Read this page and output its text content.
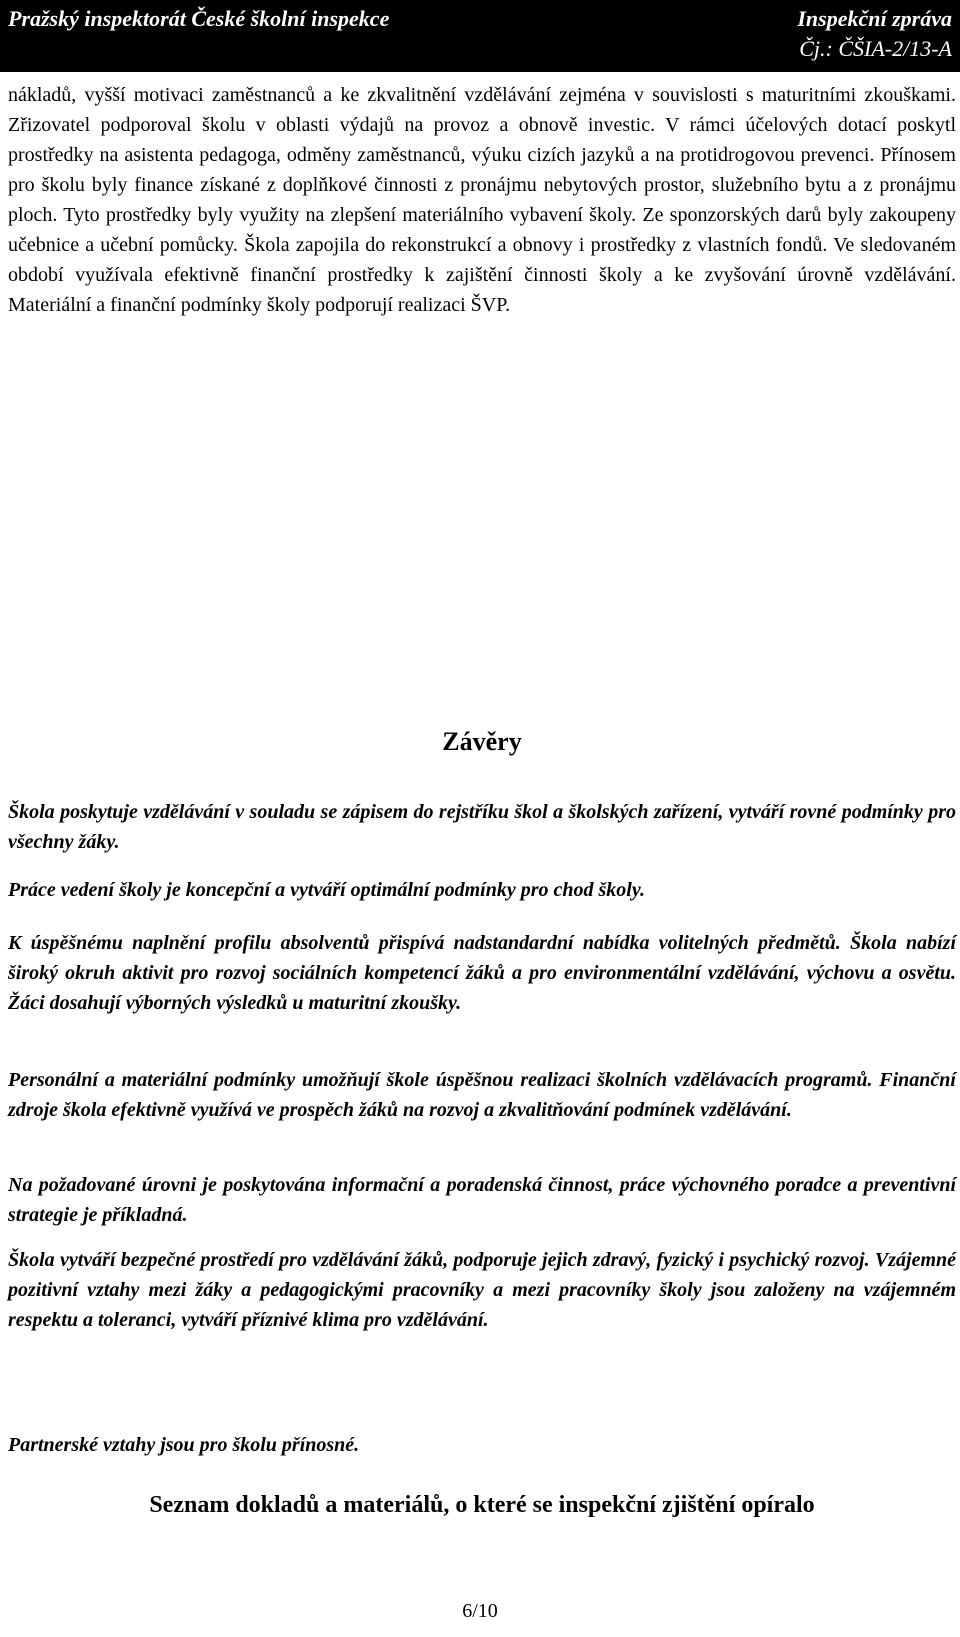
Pražský inspektorát České školní inspekce	Inspekční zpráva
Čj.: ČŠIA-2/13-A

nákladů, vyšší motivaci zaměstnanců a ke zkvalitnění vzdělávání zejména v souvislosti s maturitními zkouškami. Zřizovatel podporoval školu v oblasti výdajů na provoz a obnově investic. V rámci účelových dotací poskytl prostředky na asistenta pedagoga, odměny zaměstnanců, výuku cizích jazyků a na protidrogovou prevenci. Přínosem pro školu byly finance získané z doplňkové činnosti z pronájmu nebytových prostor, služebního bytu a z pronájmu ploch. Tyto prostředky byly využity na zlepšení materiálního vybavení školy. Ze sponzorských darů byly zakoupeny učebnice a učební pomůcky. Škola zapojila do rekonstrukcí a obnovy i prostředky z vlastních fondů. Ve sledovaném období využívala efektivně finanční prostředky k zajištění činnosti školy a ke zvyšování úrovně vzdělávání. Materiální a finanční podmínky školy podporují realizaci ŠVP.

Závěry

Škola poskytuje vzdělávání v souladu se zápisem do rejstříku škol a školských zařízení, vytváří rovné podmínky pro všechny žáky.

Práce vedení školy je koncepční a vytváří optimální podmínky pro chod školy.

K úspěšnému naplnění profilu absolventů přispívá nadstandardní nabídka volitelných předmětů. Škola nabízí široký okruh aktivit pro rozvoj sociálních kompetencí žáků a pro environmentální vzdělávání, výchovu a osvětu. Žáci dosahují výborných výsledků u maturitní zkoušky.

Personální a materiální podmínky umožňují škole úspěšnou realizaci školních vzdělávacích programů. Finanční zdroje škola efektivně využívá ve prospěch žáků na rozvoj a zkvalitňování podmínek vzdělávání.

Na požadované úrovni je poskytována informační a poradenská činnost, práce výchovného poradce a preventivní strategie je příkladná.

Škola vytváří bezpečné prostředí pro vzdělávání žáků, podporuje jejich zdravý, fyzický i psychický rozvoj. Vzájemné pozitivní vztahy mezi žáky a pedagogickými pracovníky a mezi pracovníky školy jsou založeny na vzájemném respektu a toleranci, vytváří příznivé klima pro vzdělávání.

Partnerské vztahy jsou pro školu přínosné.

Seznam dokladů a materiálů, o které se inspekční zjištění opíralo
6/10
